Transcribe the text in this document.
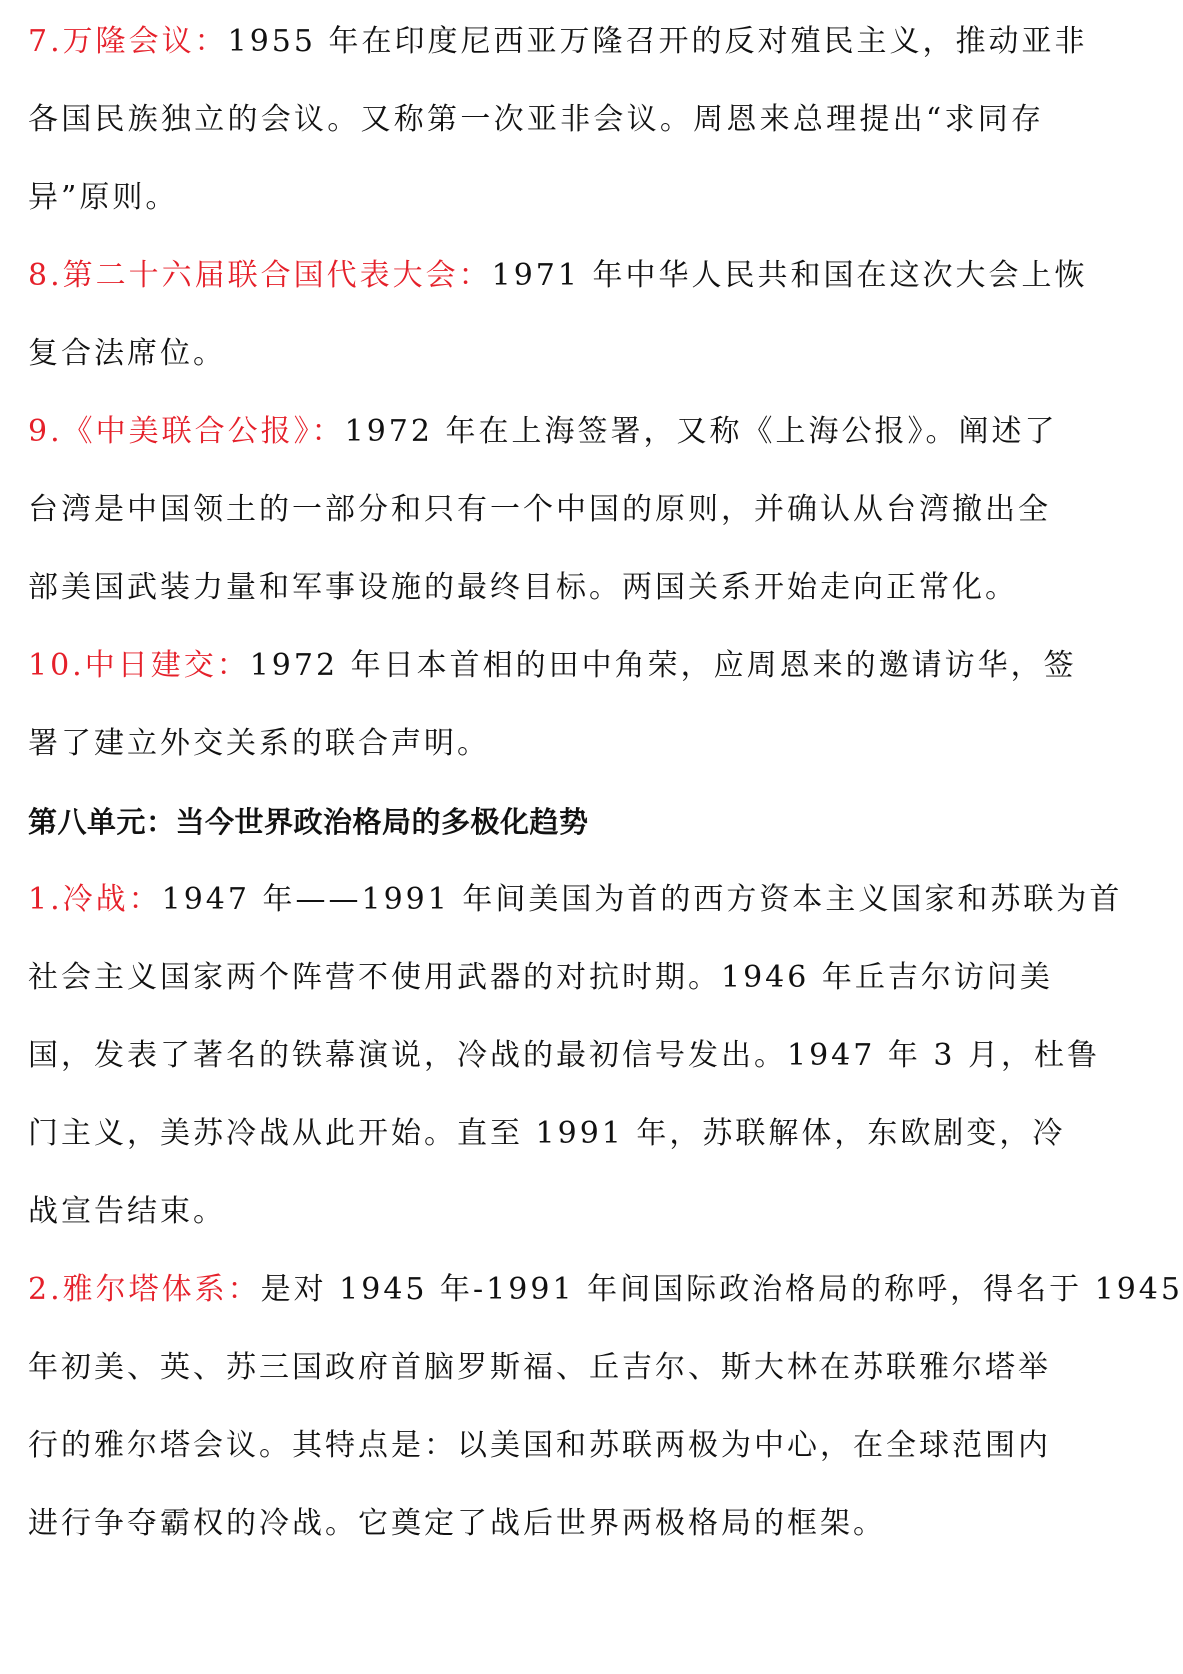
7.万隆会议：1955 年在印度尼西亚万隆召开的反对殖民主义，推动亚非
各国民族独立的会议。又称第一次亚非会议。周恩来总理提出“求同存
异”原则。
8.第二十六届联合国代表大会：1971 年中华人民共和国在这次大会上恢
复合法席位。
9.《中美联合公报》：1972 年在上海签署，又称《上海公报》。阐述了
台湾是中国领土的一部分和只有一个中国的原则，并确认从台湾撤出全
部美国武装力量和军事设施的最终目标。两国关系开始走向正常化。
10.中日建交：1972 年日本首相的田中角荣，应周恩来的邀请访华，签
署了建立外交关系的联合声明。
第八单元：当今世界政治格局的多极化趋势
1.冷战：1947 年——1991 年间美国为首的西方资本主义国家和苏联为首
社会主义国家两个阵营不使用武器的对抗时期。1946 年丘吉尔访问美
国，发表了著名的铁幕演说，冷战的最初信号发出。1947 年 3 月，杜鲁
门主义，美苏冷战从此开始。直至 1991 年，苏联解体，东欧剧变，冷
战宣告结束。
2.雅尔塔体系：是对 1945 年-1991 年间国际政治格局的称呼，得名于 1945
年初美、英、苏三国政府首脑罗斯福、丘吉尔、斯大林在苏联雅尔塔举
行的雅尔塔会议。其特点是：以美国和苏联两极为中心，在全球范围内
进行争夺霸权的冷战。它奠定了战后世界两极格局的框架。
